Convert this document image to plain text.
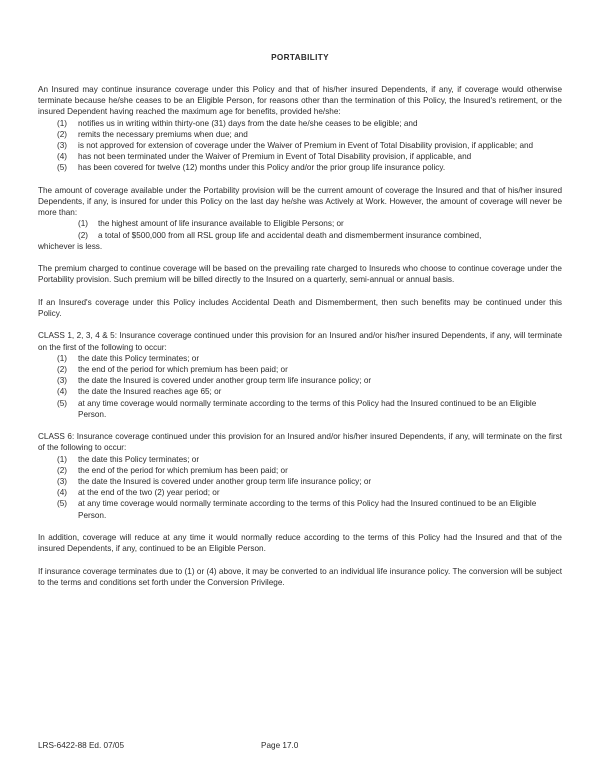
PORTABILITY

An Insured may continue insurance coverage under this Policy and that of his/her insured Dependents, if any, if coverage would otherwise terminate because he/she ceases to be an Eligible Person, for reasons other than the termination of this Policy, the Insured's retirement, or the insured Dependent having reached the maximum age for benefits, provided he/she:

(1) notifies us in writing within thirty-one (31) days from the date he/she ceases to be eligible; and
(2) remits the necessary premiums when due; and
(3) is not approved for extension of coverage under the Waiver of Premium in Event of Total Disability provision, if applicable; and
(4) has not been terminated under the Waiver of Premium in Event of Total Disability provision, if applicable, and
(5) has been covered for twelve (12) months under this Policy and/or the prior group life insurance policy.

The amount of coverage available under the Portability provision will be the current amount of coverage the Insured and that of his/her insured Dependents, if any, is insured for under this Policy on the last day he/she was Actively at Work. However, the amount of coverage will never be more than:

(1) the highest amount of life insurance available to Eligible Persons; or
(2) a total of $500,000 from all RSL group life and accidental death and dismemberment insurance combined,

whichever is less.

The premium charged to continue coverage will be based on the prevailing rate charged to Insureds who choose to continue coverage under the Portability provision. Such premium will be billed directly to the Insured on a quarterly, semi-annual or annual basis.

If an Insured's coverage under this Policy includes Accidental Death and Dismemberment, then such benefits may be continued under this Policy.

CLASS 1, 2, 3, 4 & 5: Insurance coverage continued under this provision for an Insured and/or his/her insured Dependents, if any, will terminate on the first of the following to occur:

(1) the date this Policy terminates; or
(2) the end of the period for which premium has been paid; or
(3) the date the Insured is covered under another group term life insurance policy; or
(4) the date the Insured reaches age 65; or
(5) at any time coverage would normally terminate according to the terms of this Policy had the Insured continued to be an Eligible Person.

CLASS 6: Insurance coverage continued under this provision for an Insured and/or his/her insured Dependents, if any, will terminate on the first of the following to occur:

(1) the date this Policy terminates; or
(2) the end of the period for which premium has been paid; or
(3) the date the Insured is covered under another group term life insurance policy; or
(4) at the end of the two (2) year period; or
(5) at any time coverage would normally terminate according to the terms of this Policy had the Insured continued to be an Eligible Person.

In addition, coverage will reduce at any time it would normally reduce according to the terms of this Policy had the Insured and that of the insured Dependents, if any, continued to be an Eligible Person.

If insurance coverage terminates due to (1) or (4) above, it may be converted to an individual life insurance policy. The conversion will be subject to the terms and conditions set forth under the Conversion Privilege.

LRS-6422-88 Ed. 07/05	Page 17.0
